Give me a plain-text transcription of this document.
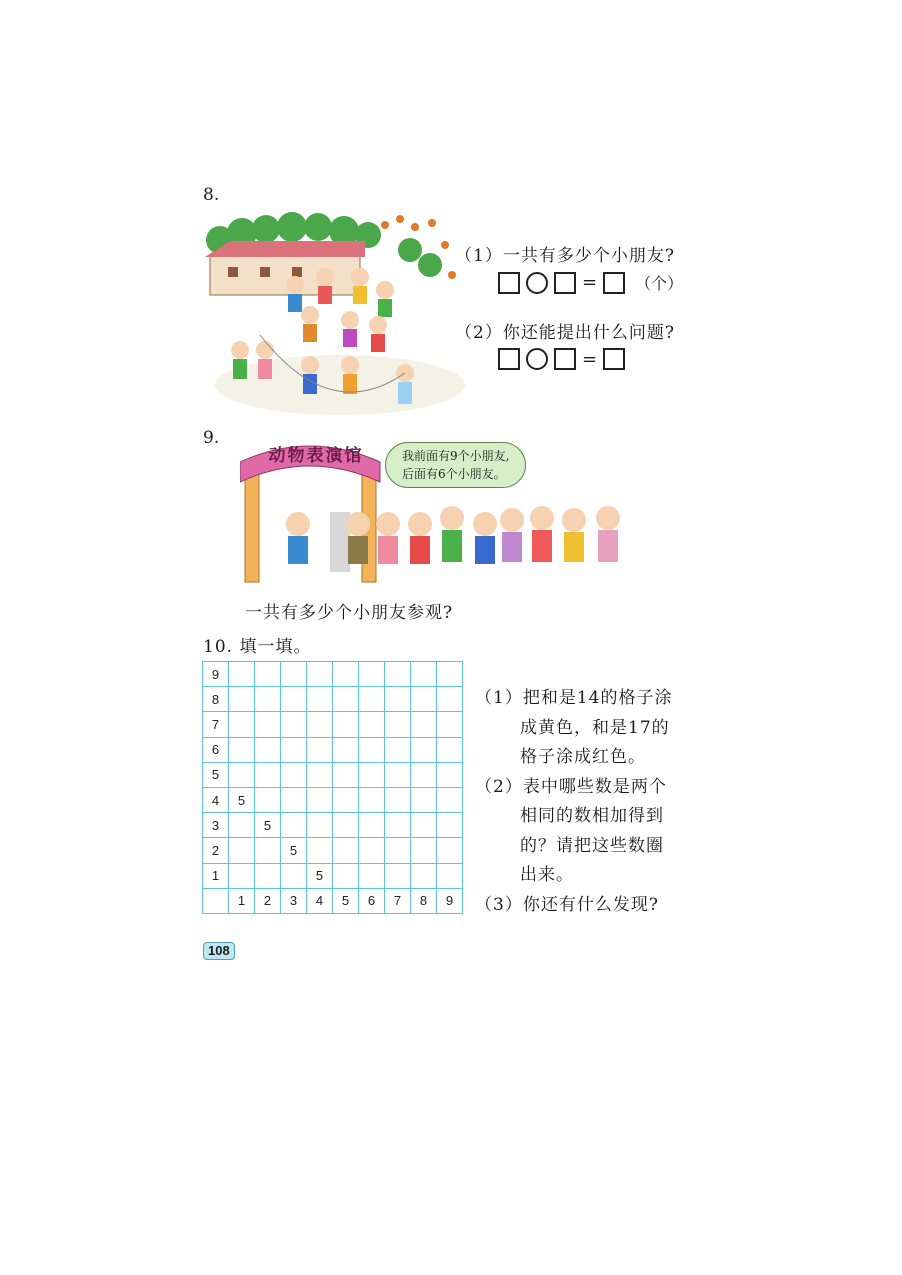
8.
（1）一共有多少个小朋友?
= （个）
（2）你还能提出什么问题?
=
9.
动物表演馆	我前面有9个小朋友,
后面有6个小朋友。
一共有多少个小朋友参观?
10. 填一填。
9									
8									
7									
6									
5									
4	5								
3		5							
2			5						
1				5					
	1	2	3	4	5	6	7	8	9
（1）把和是14的格子涂
成黄色，和是17的
格子涂成红色。
（2）表中哪些数是两个
相同的数相加得到
的？请把这些数圈
出来。
（3）你还有什么发现?
108
